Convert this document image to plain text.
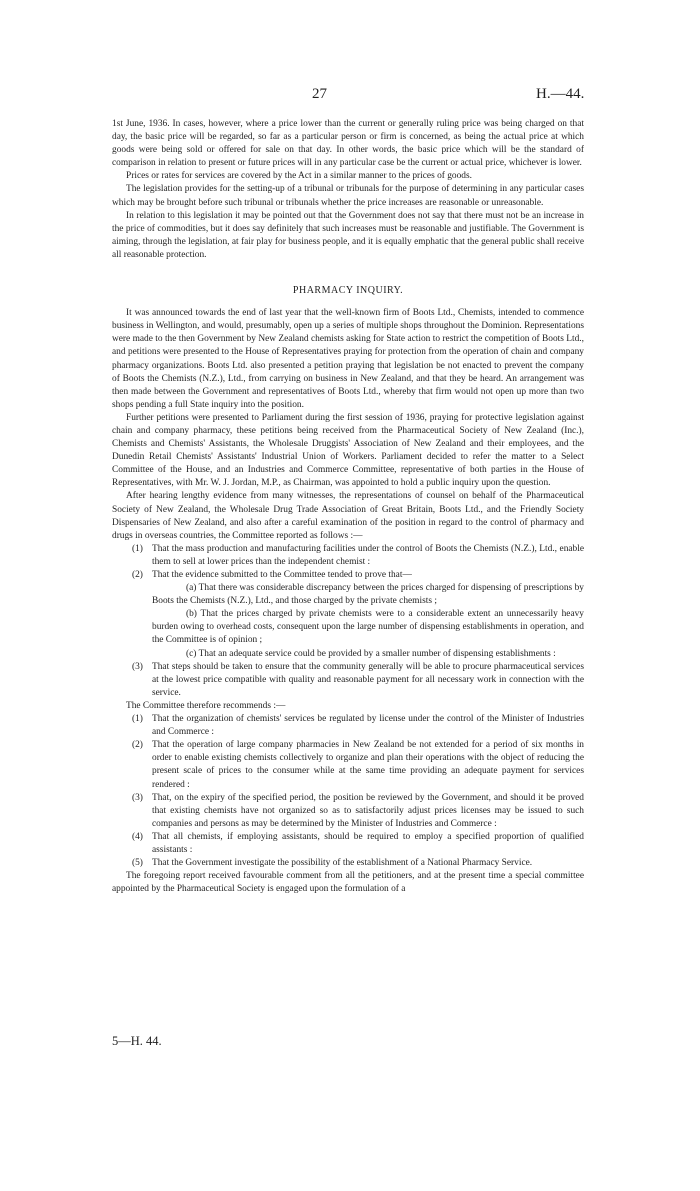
27	H.—44.

1st June, 1936. In cases, however, where a price lower than the current or generally ruling price was being charged on that day, the basic price will be regarded, so far as a particular person or firm is concerned, as being the actual price at which goods were being sold or offered for sale on that day. In other words, the basic price which will be the standard of comparison in relation to present or future prices will in any particular case be the current or actual price, whichever is lower.

Prices or rates for services are covered by the Act in a similar manner to the prices of goods.

The legislation provides for the setting-up of a tribunal or tribunals for the purpose of determining in any particular cases which may be brought before such tribunal or tribunals whether the price increases are reasonable or unreasonable.

In relation to this legislation it may be pointed out that the Government does not say that there must not be an increase in the price of commodities, but it does say definitely that such increases must be reasonable and justifiable. The Government is aiming, through the legislation, at fair play for business people, and it is equally emphatic that the general public shall receive all reasonable protection.

PHARMACY INQUIRY.

It was announced towards the end of last year that the well-known firm of Boots Ltd., Chemists, intended to commence business in Wellington, and would, presumably, open up a series of multiple shops throughout the Dominion. Representations were made to the then Government by New Zealand chemists asking for State action to restrict the competition of Boots Ltd., and petitions were presented to the House of Representatives praying for protection from the operation of chain and company pharmacy organizations. Boots Ltd. also presented a petition praying that legislation be not enacted to prevent the company of Boots the Chemists (N.Z.), Ltd., from carrying on business in New Zealand, and that they be heard. An arrangement was then made between the Government and representatives of Boots Ltd., whereby that firm would not open up more than two shops pending a full State inquiry into the position.

Further petitions were presented to Parliament during the first session of 1936, praying for protective legislation against chain and company pharmacy, these petitions being received from the Pharmaceutical Society of New Zealand (Inc.), Chemists and Chemists' Assistants, the Wholesale Druggists' Association of New Zealand and their employees, and the Dunedin Retail Chemists' Assistants' Industrial Union of Workers. Parliament decided to refer the matter to a Select Committee of the House, and an Industries and Commerce Committee, representative of both parties in the House of Representatives, with Mr. W. J. Jordan, M.P., as Chairman, was appointed to hold a public inquiry upon the question.

After hearing lengthy evidence from many witnesses, the representations of counsel on behalf of the Pharmaceutical Society of New Zealand, the Wholesale Drug Trade Association of Great Britain, Boots Ltd., and the Friendly Society Dispensaries of New Zealand, and also after a careful examination of the position in regard to the control of pharmacy and drugs in overseas countries, the Committee reported as follows :—

(1) That the mass production and manufacturing facilities under the control of Boots the Chemists (N.Z.), Ltd., enable them to sell at lower prices than the independent chemist :
(2) That the evidence submitted to the Committee tended to prove that—
(a) That there was considerable discrepancy between the prices charged for dispensing of prescriptions by Boots the Chemists (N.Z.), Ltd., and those charged by the private chemists ;
(b) That the prices charged by private chemists were to a considerable extent an unnecessarily heavy burden owing to overhead costs, consequent upon the large number of dispensing establishments in operation, and the Committee is of opinion ;
(c) That an adequate service could be provided by a smaller number of dispensing establishments :
(3) That steps should be taken to ensure that the community generally will be able to procure pharmaceutical services at the lowest price compatible with quality and reasonable payment for all necessary work in connection with the service.

The Committee therefore recommends :—

(1) That the organization of chemists' services be regulated by license under the control of the Minister of Industries and Commerce :
(2) That the operation of large company pharmacies in New Zealand be not extended for a period of six months in order to enable existing chemists collectively to organize and plan their operations with the object of reducing the present scale of prices to the consumer while at the same time providing an adequate payment for services rendered :
(3) That, on the expiry of the specified period, the position be reviewed by the Government, and should it be proved that existing chemists have not organized so as to satisfactorily adjust prices licenses may be issued to such companies and persons as may be determined by the Minister of Industries and Commerce :
(4) That all chemists, if employing assistants, should be required to employ a specified proportion of qualified assistants :
(5) That the Government investigate the possibility of the establishment of a National Pharmacy Service.

The foregoing report received favourable comment from all the petitioners, and at the present time a special committee appointed by the Pharmaceutical Society is engaged upon the formulation of a

5—H. 44.
